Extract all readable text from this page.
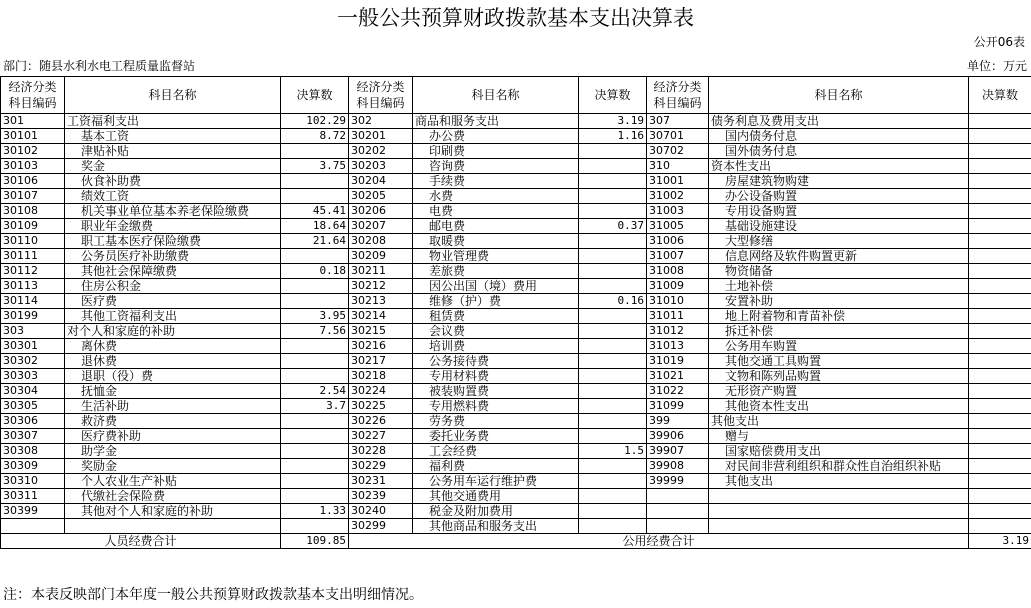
一般公共预算财政拨款基本支出决算表
公开06表
部门：随县水利水电工程质量监督站	单位：万元
经济分类科目编码	科目名称	决算数	经济分类科目编码	科目名称	决算数	经济分类科目编码	科目名称	决算数
301	工资福利支出	102.29	302	商品和服务支出	3.19	307	债务利息及费用支出	
30101	基本工资	8.72	30201	办公费	1.16	30701	国内债务付息	
30102	津贴补贴		30202	印刷费		30702	国外债务付息	
30103	奖金	3.75	30203	咨询费		310	资本性支出	
30106	伙食补助费		30204	手续费		31001	房屋建筑物购建	
30107	绩效工资		30205	水费		31002	办公设备购置	
30108	机关事业单位基本养老保险缴费	45.41	30206	电费		31003	专用设备购置	
30109	职业年金缴费	18.64	30207	邮电费	0.37	31005	基础设施建设	
30110	职工基本医疗保险缴费	21.64	30208	取暖费		31006	大型修缮	
30111	公务员医疗补助缴费		30209	物业管理费		31007	信息网络及软件购置更新	
30112	其他社会保障缴费	0.18	30211	差旅费		31008	物资储备	
30113	住房公积金		30212	因公出国（境）费用		31009	土地补偿	
30114	医疗费		30213	维修（护）费	0.16	31010	安置补助	
30199	其他工资福利支出	3.95	30214	租赁费		31011	地上附着物和青苗补偿	
303	对个人和家庭的补助	7.56	30215	会议费		31012	拆迁补偿	
30301	离休费		30216	培训费		31013	公务用车购置	
30302	退休费		30217	公务接待费		31019	其他交通工具购置	
30303	退职（役）费		30218	专用材料费		31021	文物和陈列品购置	
30304	抚恤金	2.54	30224	被装购置费		31022	无形资产购置	
30305	生活补助	3.7	30225	专用燃料费		31099	其他资本性支出	
30306	救济费		30226	劳务费		399	其他支出	
30307	医疗费补助		30227	委托业务费		39906	赠与	
30308	助学金		30228	工会经费	1.5	39907	国家赔偿费用支出	
30309	奖励金		30229	福利费		39908	对民间非营利组织和群众性自治组织补贴	
30310	个人农业生产补贴		30231	公务用车运行维护费		39999	其他支出	
30311	代缴社会保险费		30239	其他交通费用				
30399	其他对个人和家庭的补助	1.33	30240	税金及附加费用				
			30299	其他商品和服务支出				
人员经费合计		109.85	公用经费合计					3.19
注：本表反映部门本年度一般公共预算财政拨款基本支出明细情况。
